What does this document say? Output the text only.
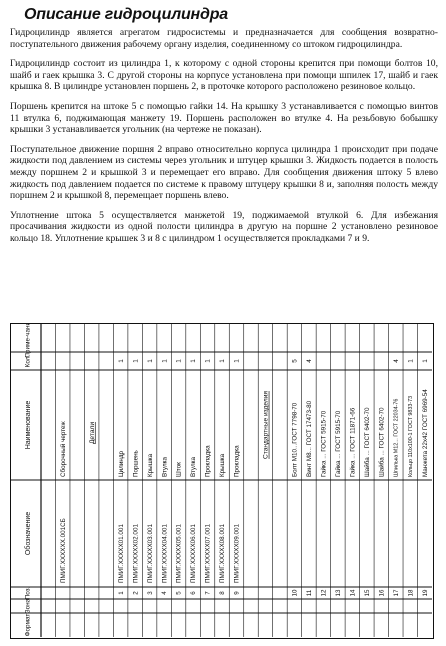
Описание гидроцилиндра

Гидроцилиндр является агрегатом гидросистемы и предназначается для сообщения возвратно-поступательного движения рабочему органу изделия, соединенному со штоком гидроцилиндра.

Гидроцилиндр состоит из цилиндра 1, к которому с одной стороны крепится при помощи болтов 10, шайб и гаек крышка 3. С другой стороны на корпусе установлена при помощи шпилек 17, шайб и гаек крышка 8. В цилиндре установлен поршень 2, в проточке которого расположено резиновое кольцо.

Поршень крепится на штоке 5 с помощью гайки 14. На крышку 3 устанавливается с помощью винтов 11 втулка 6, поджимающая манжету 19. Поршень расположен во втулке 4. На резьбовую бобышку крышки 3 устанавливается угольник (на чертеже не показан).

Поступательное движение поршня 2 вправо относительно корпуса цилиндра 1 происходит при подаче жидкости под давлением из системы через угольник и штуцер крышки 3. Жидкость подается в полость между поршнем 2 и крышкой 3 и перемещает его вправо. Для сообщения движения штоку 5 влево жидкость под давлением подается по системе к правому штуцеру крышки 8 и, заполняя полость между поршнем 2 и крышкой 8, перемещает поршень влево.

Уплотнение штока 5 осуществляется манжетой 19, поджимаемой втулкой 6. Для избежания просачивания жидкости из одной полости цилиндра в другую на поршне 2 установлено резиновое кольцо 18. Уплотнение крышек 3 и 8 с цилиндром 1 осуществляется прокладками 7 и 9.

Формат
Зона
Поз.
Обозначение
Наименование
Кол.
Приме-чание
ПМИГ.ХХХХХХ.001СБ
Сборочный чертеж	Детали
1
ПМИГ.ХХХХХ01.001
Цилиндр
1
2
ПМИГ.ХХХХХ02.001
Поршень
1
3
ПМИГ.ХХХХХ03.001
Крышка
1
4
ПМИГ.ХХХХХ04.001
Втулка
1
5
ПМИГ.ХХХХХ05.001
Шток
1
6
ПМИГ.ХХХХХ06.001
Втулка
1
7
ПМИГ.ХХХХХ07.001
Прокладка
1
8
ПМИГ.ХХХХХ08.001
Крышка
1
9
ПМИГ.ХХХХХ09.001
Прокладка
1
Стандартные изделия
10
Болт М10...ГОСТ 7798-70
5
11
Винт М8... ГОСТ 17473-80
4
12
Гайка ... ГОСТ 5915-70
13
Гайка ... ГОСТ 5915-70
14
Гайка ... ГОСТ 11871-66
15
Шайба ... ГОСТ 6402-70
16
Шайба ... ГОСТ 6402-70
17
Шпилька М12... ГОСТ 22034-76
4
18
Кольцо 110х100-1 ГОСТ 9833-73
1
19
Манжета 22х42 ГОСТ 6969-54
1
